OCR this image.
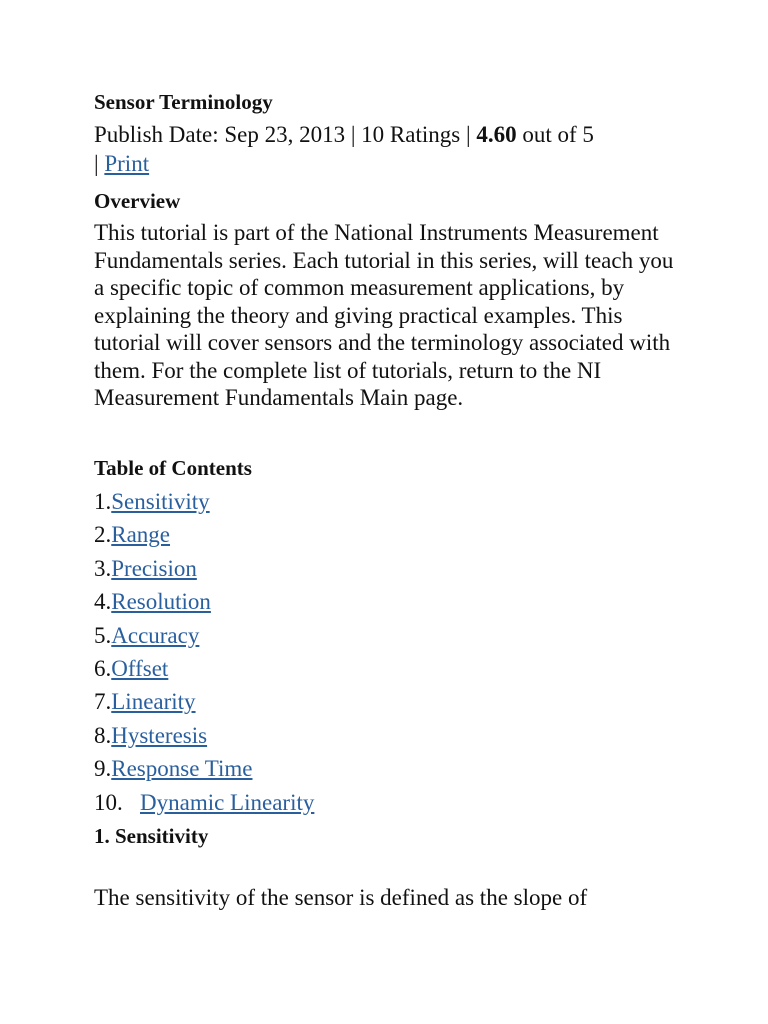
Sensor Terminology
Publish Date: Sep 23, 2013 | 10 Ratings | 4.60 out of 5
| Print
Overview
This tutorial is part of the National Instruments Measurement Fundamentals series. Each tutorial in this series, will teach you a specific topic of common measurement applications, by explaining the theory and giving practical examples. This tutorial will cover sensors and the terminology associated with them. For the complete list of tutorials, return to the NI Measurement Fundamentals Main page.
Table of Contents
1.Sensitivity
2.Range
3.Precision
4.Resolution
5.Accuracy
6.Offset
7.Linearity
8.Hysteresis
9.Response Time
10. Dynamic Linearity
1. Sensitivity
The sensitivity of the sensor is defined as the slope of
